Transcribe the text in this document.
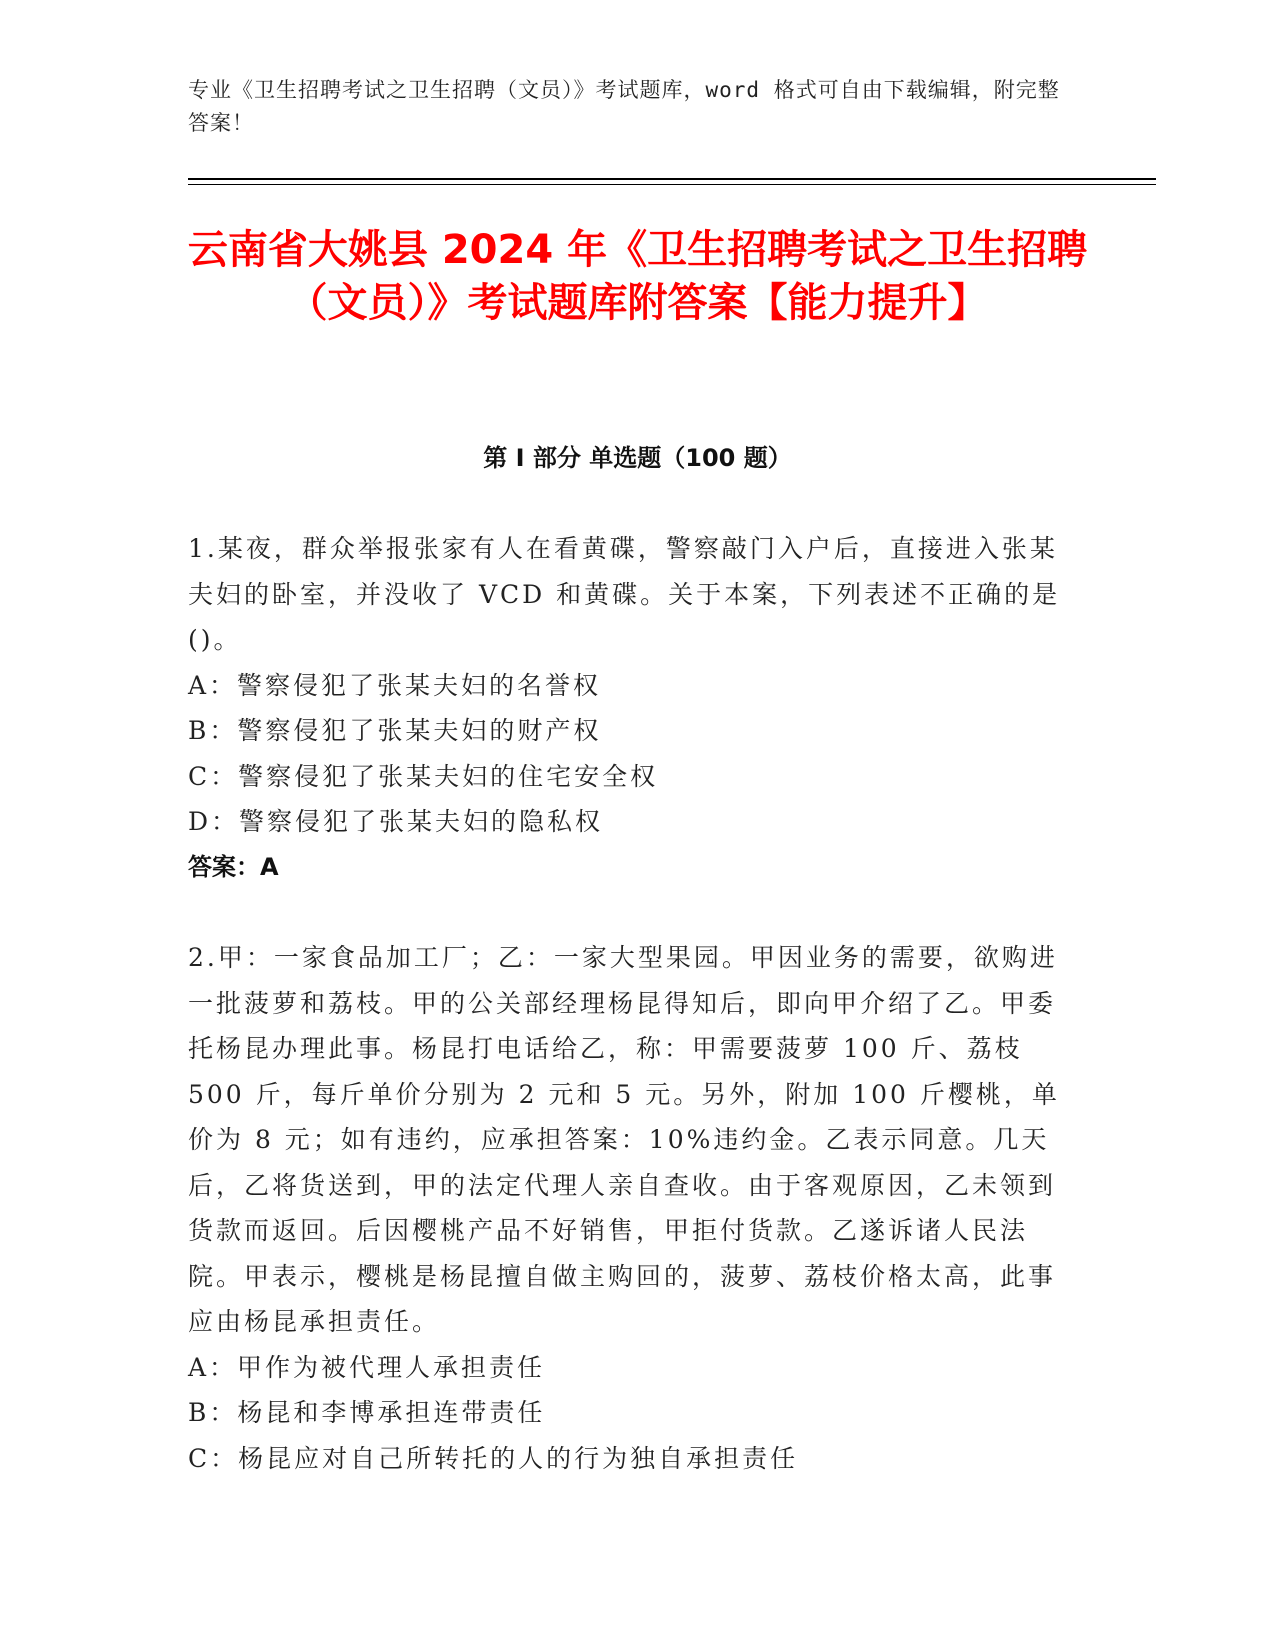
专业《卫生招聘考试之卫生招聘（文员）》考试题库，word 格式可自由下载编辑，附完整答案！
云南省大姚县 2024 年《卫生招聘考试之卫生招聘（文员）》考试题库附答案【能力提升】
第 I 部分 单选题（100 题）
1.某夜，群众举报张家有人在看黄碟，警察敲门入户后，直接进入张某夫妇的卧室，并没收了 VCD 和黄碟。关于本案，下列表述不正确的是()。
A：警察侵犯了张某夫妇的名誉权
B：警察侵犯了张某夫妇的财产权
C：警察侵犯了张某夫妇的住宅安全权
D：警察侵犯了张某夫妇的隐私权
答案：A
2.甲：一家食品加工厂；乙：一家大型果园。甲因业务的需要，欲购进一批菠萝和荔枝。甲的公关部经理杨昆得知后，即向甲介绍了乙。甲委托杨昆办理此事。杨昆打电话给乙，称：甲需要菠萝 100 斤、荔枝 500 斤，每斤单价分别为 2 元和 5 元。另外，附加 100 斤樱桃，单价为 8 元；如有违约，应承担答案：10%违约金。乙表示同意。几天后，乙将货送到，甲的法定代理人亲自查收。由于客观原因，乙未领到货款而返回。后因樱桃产品不好销售，甲拒付货款。乙遂诉诸人民法院。甲表示，樱桃是杨昆擅自做主购回的，菠萝、荔枝价格太高，此事应由杨昆承担责任。
A：甲作为被代理人承担责任
B：杨昆和李博承担连带责任
C：杨昆应对自己所转托的人的行为独自承担责任
